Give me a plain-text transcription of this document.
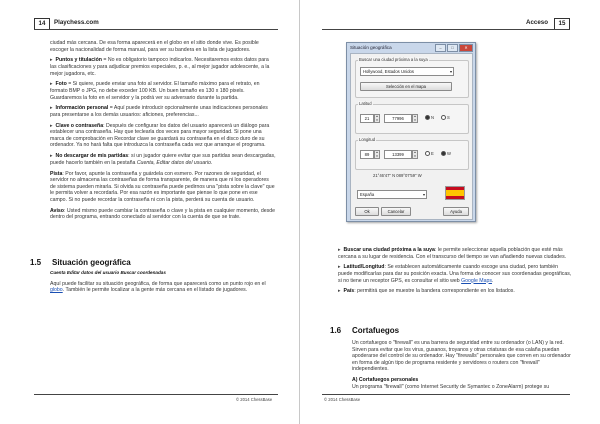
14	Playchess.com

ciudad más cercana. De esa forma aparecerá en el globo en el sitio donde vive. Es posible escoger la nacionalidad de forma manual, para ver su bandera en la lista de jugadores.

▸ Puntos y titulación = No es obligatorio tampoco indicarlos. Necesitaremos estos datos para las clasificaciones y para adjudicar premios especiales, p. e., al mejor jugador adolescente, a la mejor jugadora, etc.

▸ Foto = Si quiere, puede enviar una foto al servidor. El tamaño máximo para el retrato, en formato BMP o JPG, no debe exceder 100 KB. Un buen tamaño es 130 x 180 pixels. Guardaremos la foto en el servidor y la podrá ver su adversario durante la partida.

▸ Información personal = Aquí puede introducir opcionalmente unas indicaciones personales para presentarse a los demás usuarios: aficiones, preferencias...

▸ Clave o contraseña: Después de configurar los datos del usuario aparecerá un diálogo para establecer una contraseña. Hay que teclearla dos veces para mayor seguridad. Si pone una marca de comprobación en Recordar clave se guardará su contraseña en el disco duro de su ordenador. Ya no hará falta que introduzca la contraseña cada vez que arranque el programa.

▸ No descargar de mis partidas: si un jugador quiere evitar que sus partidas sean descargadas, puede hacerlo también en la pestaña Cuenta, Editar datos del usuario.

Pista: Por favor, apunte la contraseña y guárdela con esmero. Por razones de seguridad, el servidor no almacena las contraseñas de forma transparente, de manera que ni los operadores de sistema pueden mirarla. Si olvida su contraseña puede pedirnos una "pista sobre la clave" que le permita volver a recordarla. Por esa razón es importante que piense lo que pone en ese campo. Si no puede recordar la contraseña ni con la pista, perderá su cuenta de usuario.

Aviso: Usted mismo puede cambiar la contraseña o clave y la pista en cualquier momento, desde dentro del programa, entrando conectado al servidor con la cuenta de que se trate.

1.5 Situación geográfica

Cuenta Editar datos del usuario Buscar coordenadas

Aquí puede facilitar su situación geográfica, de forma que aparecerá como un punto rojo en el globo. También le permite localizar a la gente más cercana en el listado de jugadores.

© 2014 ChessBase
Acceso	15
Situación geográfica	–	□	✕
Buscar una ciudad próxima a la suya
Hollywood, Estados Unidos	▾
Selección en el mapa
Latitud
21	▴
▾	77996	▴
▾	N	S
Longitud
89	▴
▾	13399	▴
▾	E	W
21°46'47" N 089°07'59" W
España	▾
Ok	Cancelar	Ayuda

▸ Buscar una ciudad próxima a la suya: le permite seleccionar aquella población que esté más cercana a su lugar de residencia. Con el transcurso del tiempo se van añadiendo nuevas ciudades.

▸ Latitud/Longitud: Se establecen automáticamente cuando escoge una ciudad, pero también puede modificarlas para dar su posición exacta. Una forma de conocer sus coordenadas geográficas, si no tiene un receptor GPS, es consultar el sitio web Google Maps.

▸ País: permitirá que se muestre la bandera correspondiente en los listados.

1.6 Cortafuegos

Un cortafuegos o "firewall" es una barrera de seguridad entre su ordenador (o LAN) y la red. Sirven para evitar que los virus, gusanos, troyanos y otras criaturas de esa calaña puedan apoderarse del control de su ordenador. Hay "firewalls" personales que corren en su ordenador en forma de algún tipo de programa residente y servidores o routers con "firewall" independientes.

A) Cortafuegos personales

Un programa "firewall" (como Internet Security de Symantec o ZoneAlarm) protege su

© 2014 ChessBase
